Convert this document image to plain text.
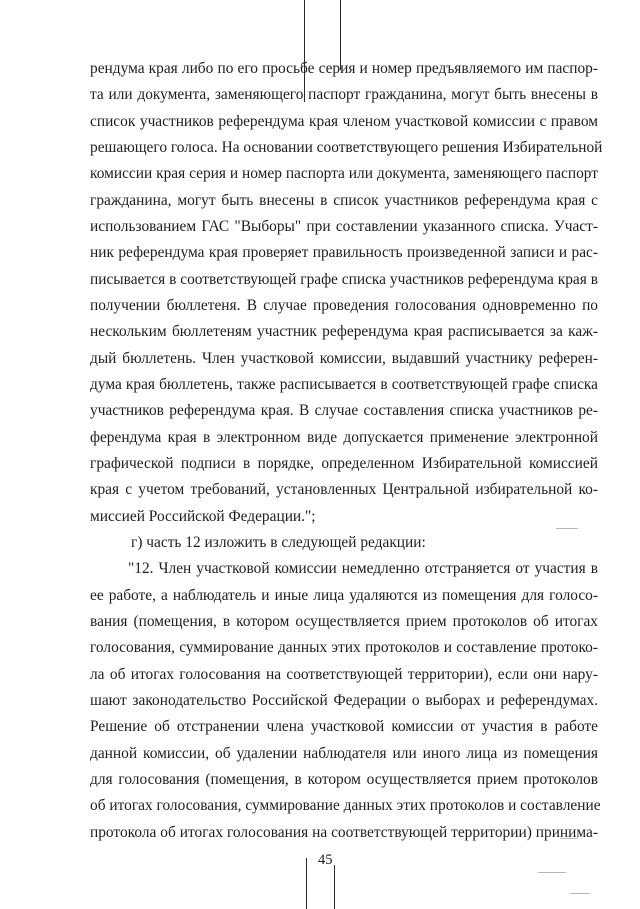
рендума края либо по его просьбе серия и номер предъявляемого им паспор-
та или документа, заменяющего паспорт гражданина, могут быть внесены в
список участников референдума края членом участковой комиссии с правом
решающего голоса. На основании соответствующего решения Избирательной
комиссии края серия и номер паспорта или документа, заменяющего паспорт
гражданина, могут быть внесены в список участников референдума края с
использованием ГАС "Выборы" при составлении указанного списка. Участ-
ник референдума края проверяет правильность произведенной записи и рас-
писывается в соответствующей графе списка участников референдума края в
получении бюллетеня. В случае проведения голосования одновременно по
нескольким бюллетеням участник референдума края расписывается за каж-
дый бюллетень. Член участковой комиссии, выдавший участнику референ-
дума края бюллетень, также расписывается в соответствующей графе списка
участников референдума края. В случае составления списка участников ре-
ферендума края в электронном виде допускается применение электронной
графической подписи в порядке, определенном Избирательной комиссией
края с учетом требований, установленных Центральной избирательной ко-
миссией Российской Федерации.";
г) часть 12 изложить в следующей редакции:
"12. Член участковой комиссии немедленно отстраняется от участия в
ее работе, а наблюдатель и иные лица удаляются из помещения для голосо-
вания (помещения, в котором осуществляется прием протоколов об итогах
голосования, суммирование данных этих протоколов и составление протоко-
ла об итогах голосования на соответствующей территории), если они нару-
шают законодательство Российской Федерации о выборах и референдумах.
Решение об отстранении члена участковой комиссии от участия в работе
данной комиссии, об удалении наблюдателя или иного лица из помещения
для голосования (помещения, в котором осуществляется прием протоколов
об итогах голосования, суммирование данных этих протоколов и составление
протокола об итогах голосования на соответствующей территории) принима-
45
